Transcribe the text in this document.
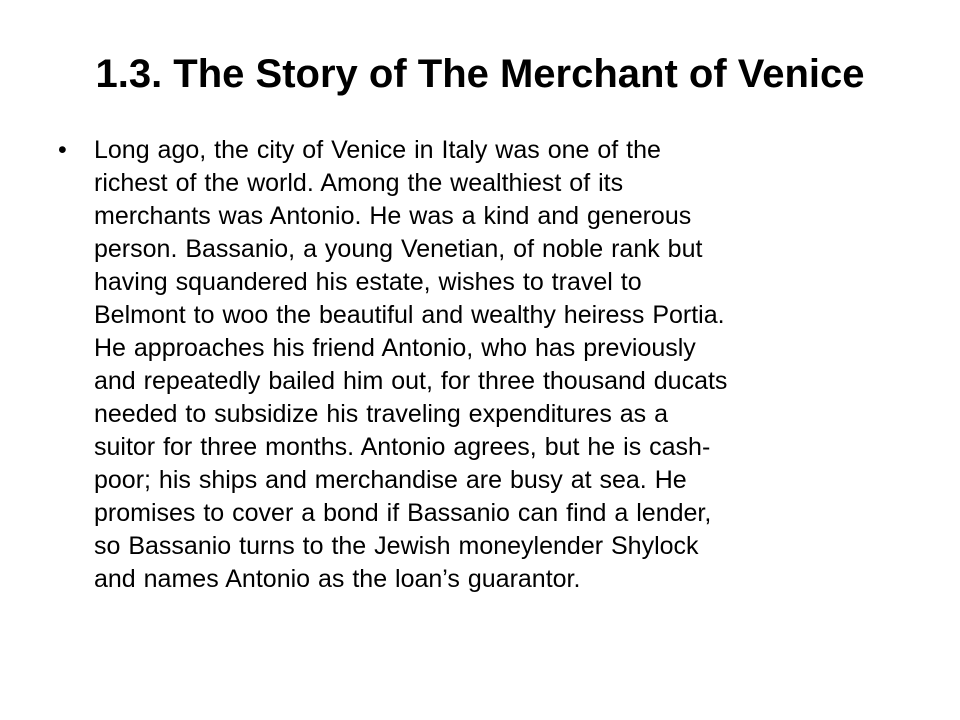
1.3. The Story of The Merchant of Venice
• Long ago, the city of Venice in Italy was one of the
richest of the world. Among the wealthiest of its
merchants was Antonio. He was a kind and generous
person. Bassanio, a young Venetian, of noble rank but
having squandered his estate, wishes to travel to
Belmont to woo the beautiful and wealthy heiress Portia.
He approaches his friend Antonio, who has previously
and repeatedly bailed him out, for three thousand ducats
needed to subsidize his traveling expenditures as a
suitor for three months. Antonio agrees, but he is cash-
poor; his ships and merchandise are busy at sea. He
promises to cover a bond if Bassanio can find a lender,
so Bassanio turns to the Jewish moneylender Shylock
and names Antonio as the loan’s guarantor.
